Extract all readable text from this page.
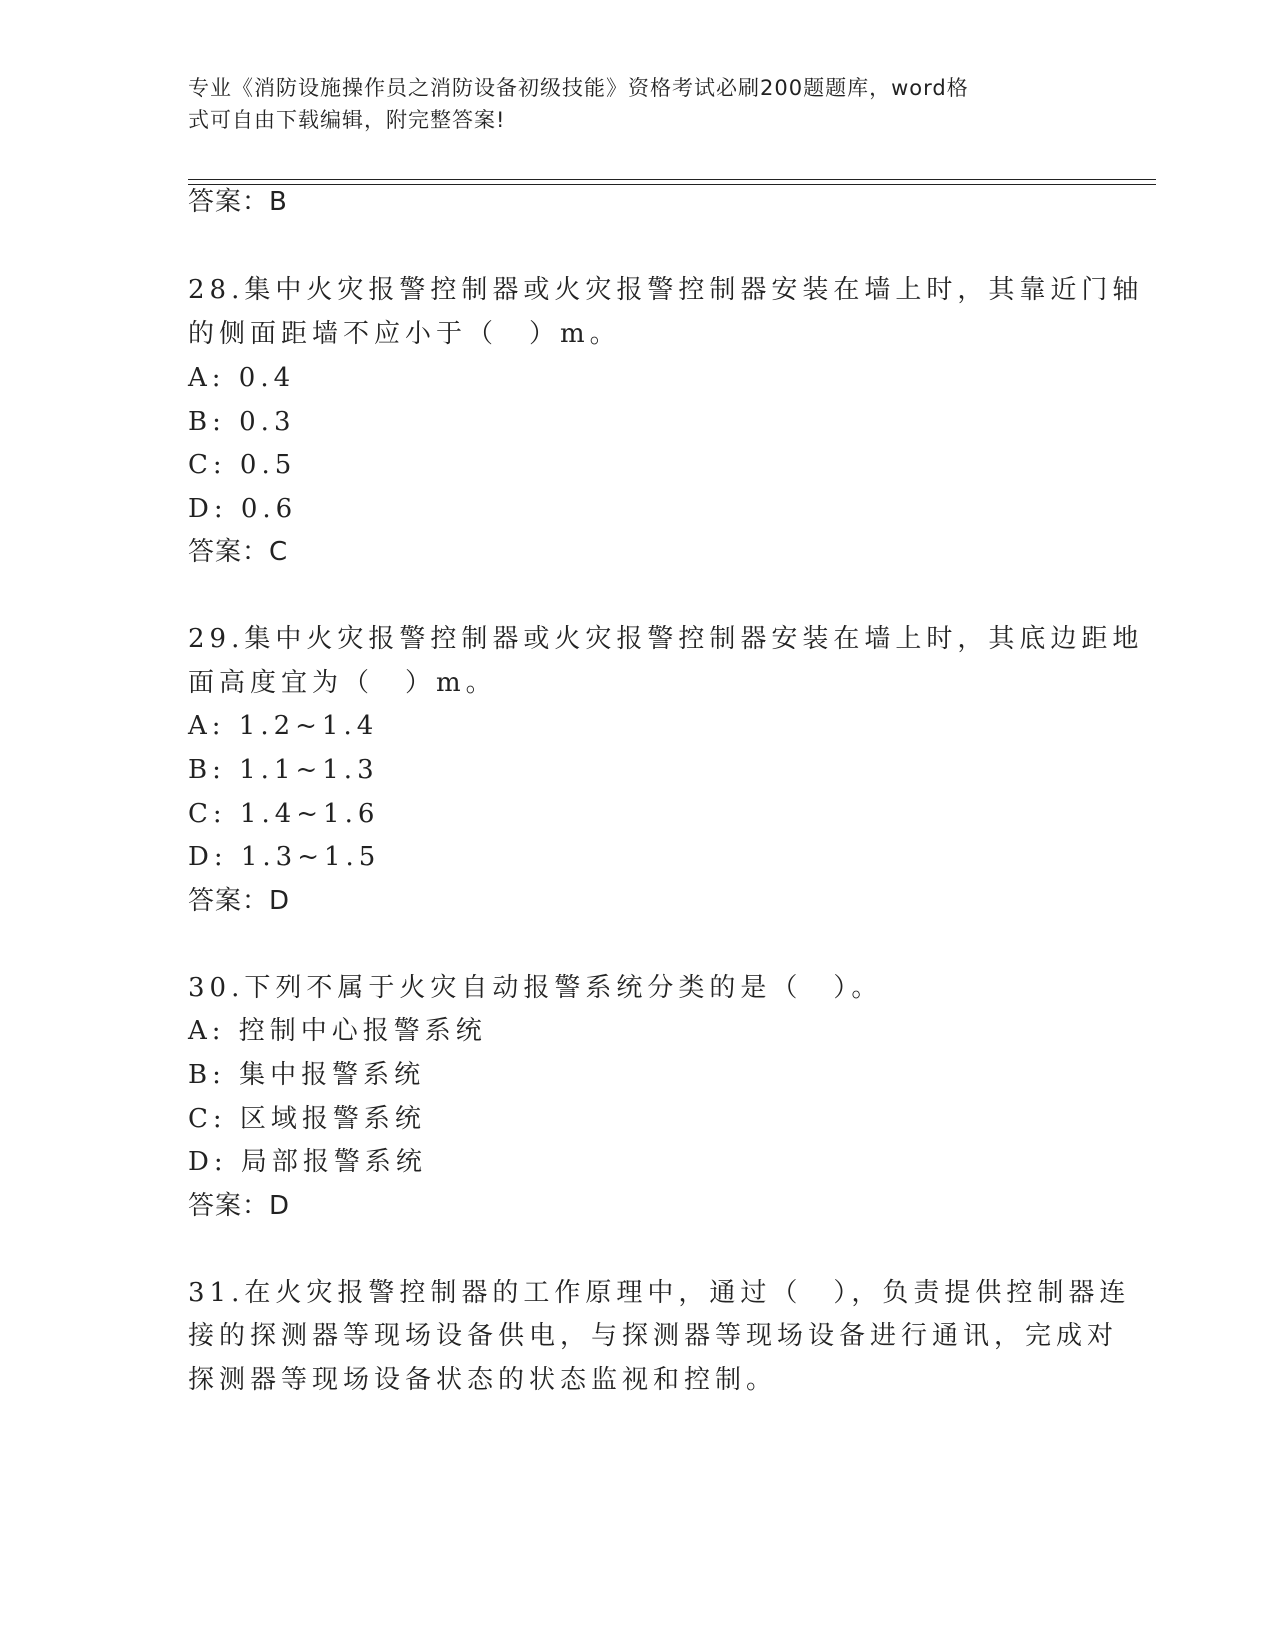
专业《消防设施操作员之消防设备初级技能》资格考试必刷200题题库，word格
式可自由下载编辑，附完整答案!
答案：B
28.集中火灾报警控制器或火灾报警控制器安装在墙上时，其靠近门轴
的侧面距墙不应小于（　）m。
A: 0.4
B: 0.3
C: 0.5
D: 0.6
答案：C
29.集中火灾报警控制器或火灾报警控制器安装在墙上时，其底边距地
面高度宜为（　）m。
A: 1.2~1.4
B: 1.1~1.3
C: 1.4~1.6
D: 1.3~1.5
答案：D
30.下列不属于火灾自动报警系统分类的是（　）。
A: 控制中心报警系统
B: 集中报警系统
C: 区域报警系统
D: 局部报警系统
答案：D
31.在火灾报警控制器的工作原理中，通过（　），负责提供控制器连
接的探测器等现场设备供电，与探测器等现场设备进行通讯，完成对
探测器等现场设备状态的状态监视和控制。
